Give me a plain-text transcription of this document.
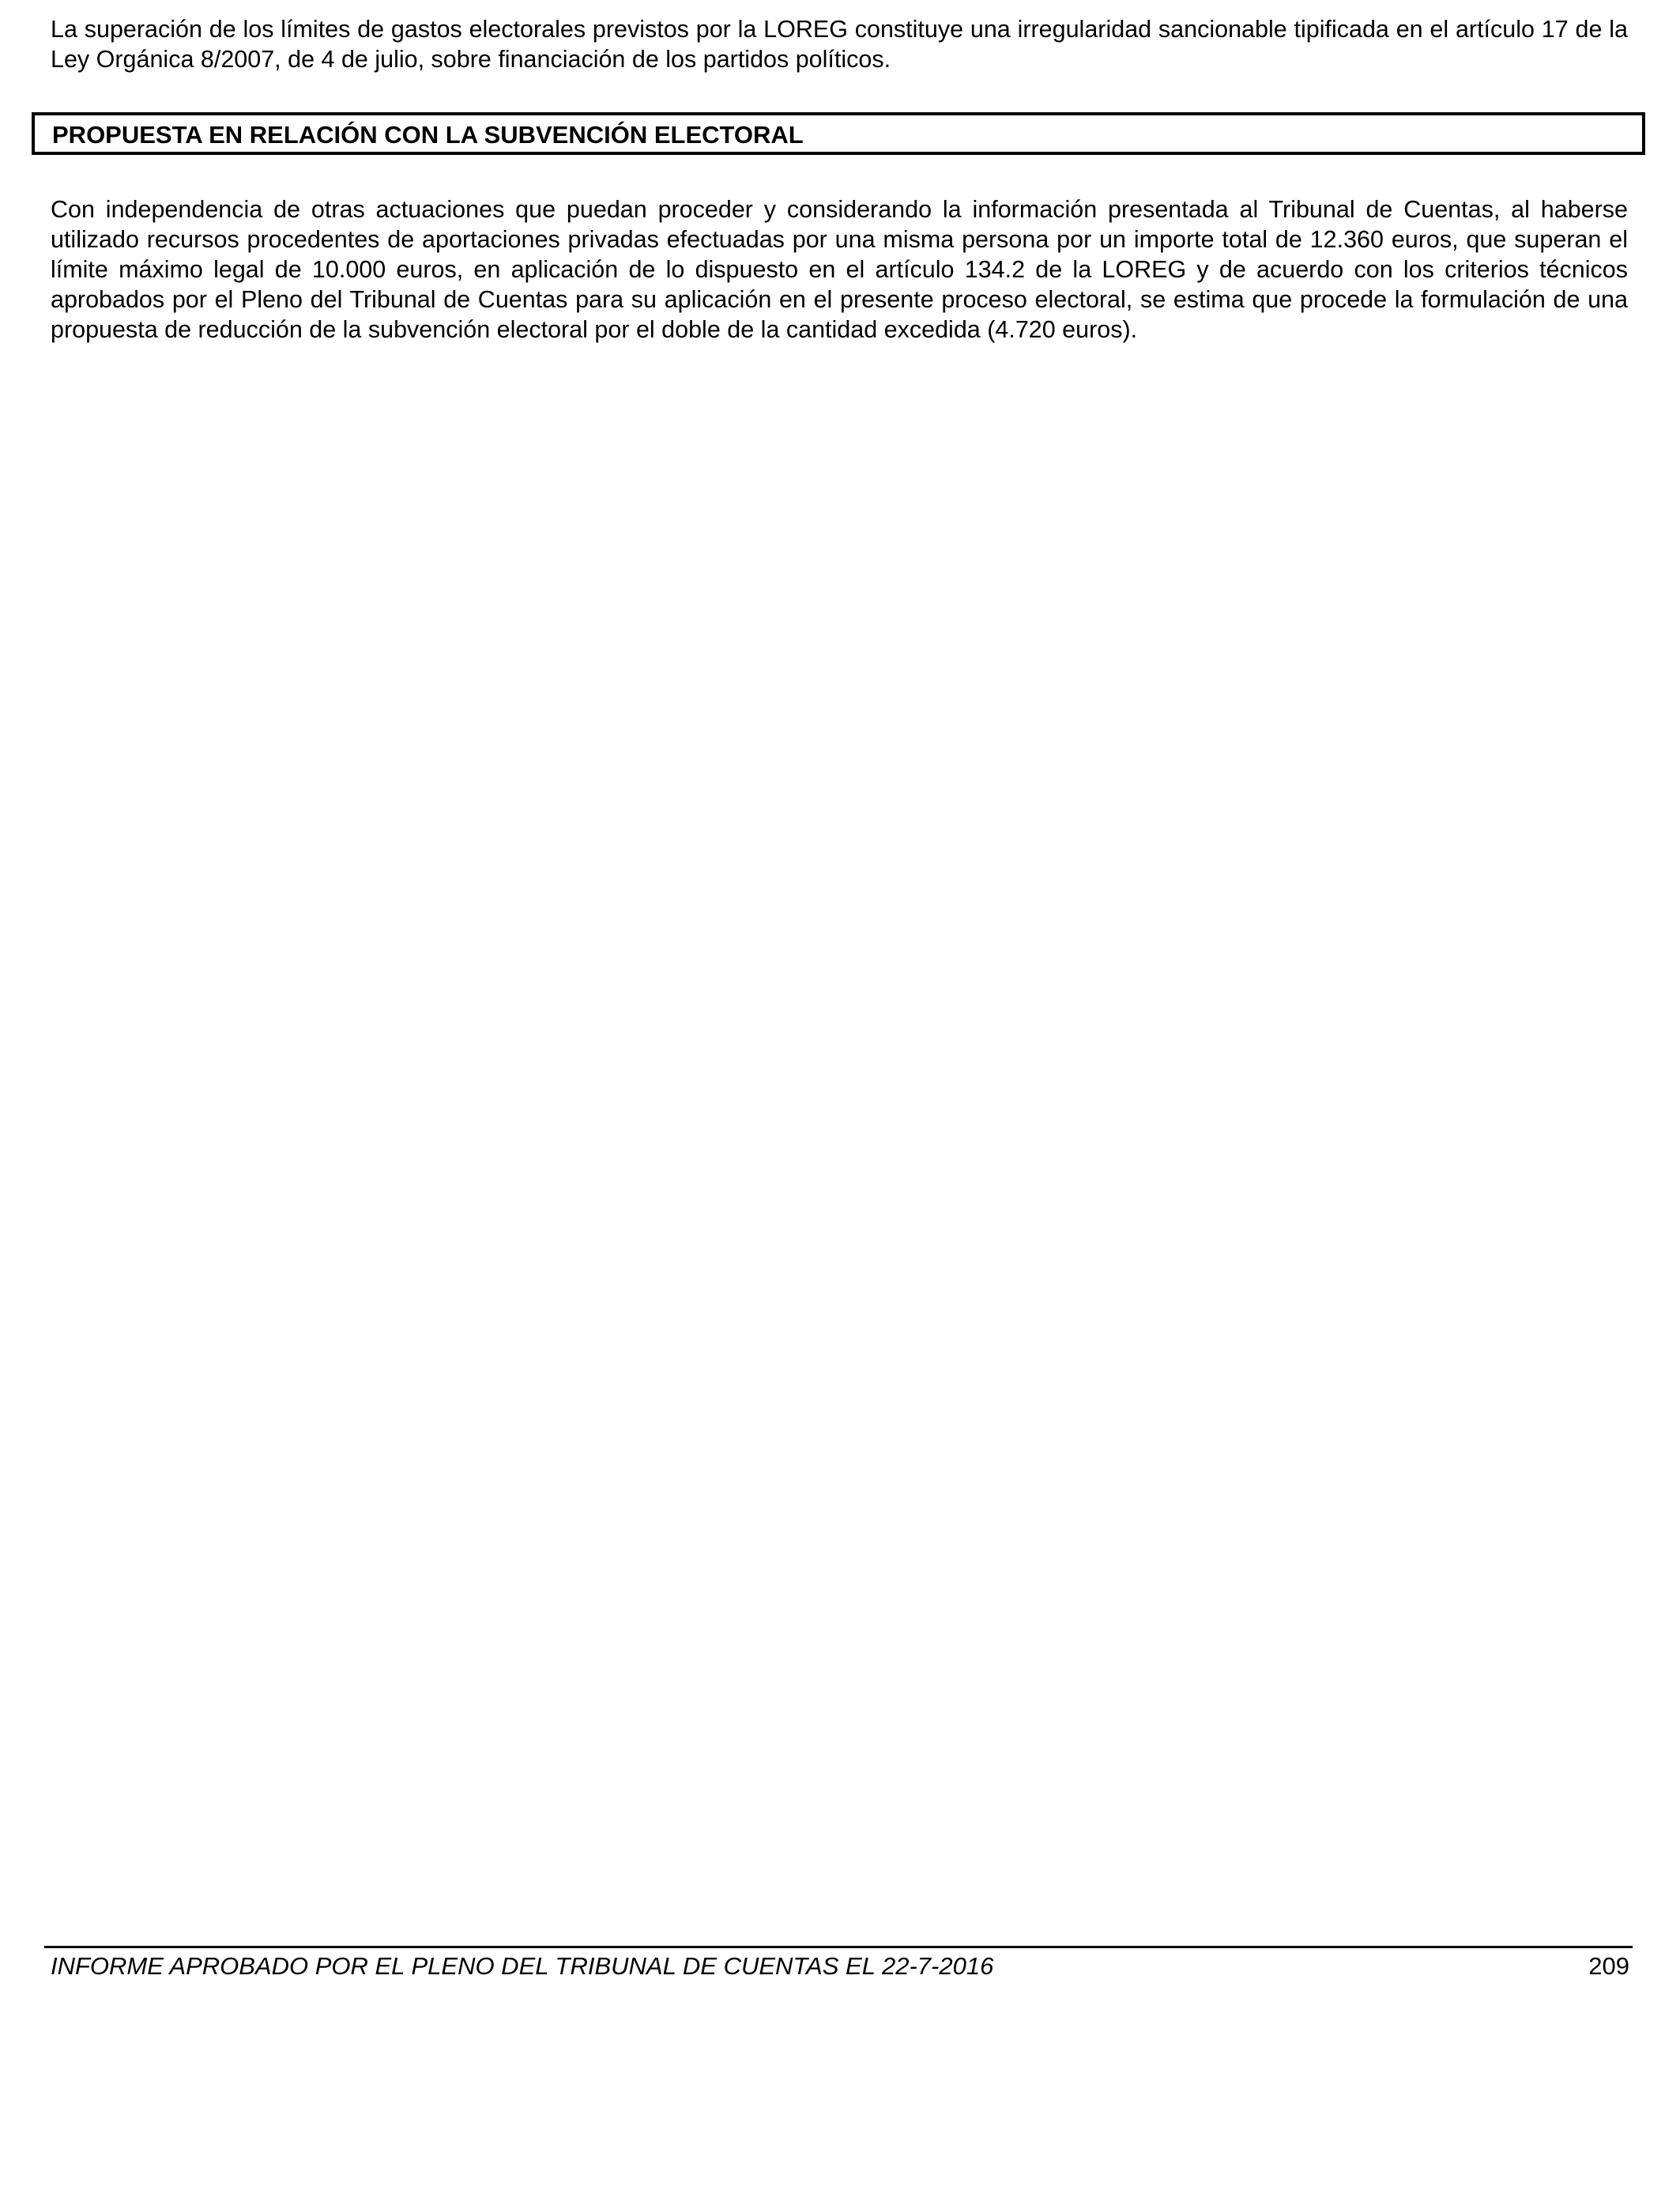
La superación de los límites de gastos electorales previstos por la LOREG constituye una irregularidad sancionable tipificada en el artículo 17 de la Ley Orgánica 8/2007, de 4 de julio, sobre financiación de los partidos políticos.

PROPUESTA EN RELACIÓN CON LA SUBVENCIÓN ELECTORAL

Con independencia de otras actuaciones que puedan proceder y considerando la información presentada al Tribunal de Cuentas, al haberse utilizado recursos procedentes de aportaciones privadas efectuadas por una misma persona por un importe total de 12.360 euros, que superan el límite máximo legal de 10.000 euros, en aplicación de lo dispuesto en el artículo 134.2 de la LOREG y de acuerdo con los criterios técnicos aprobados por el Pleno del Tribunal de Cuentas para su aplicación en el presente proceso electoral, se estima que procede la formulación de una propuesta de reducción de la subvención electoral por el doble de la cantidad excedida (4.720 euros).

INFORME APROBADO POR EL PLENO DEL TRIBUNAL DE CUENTAS EL 22-7-2016	209
